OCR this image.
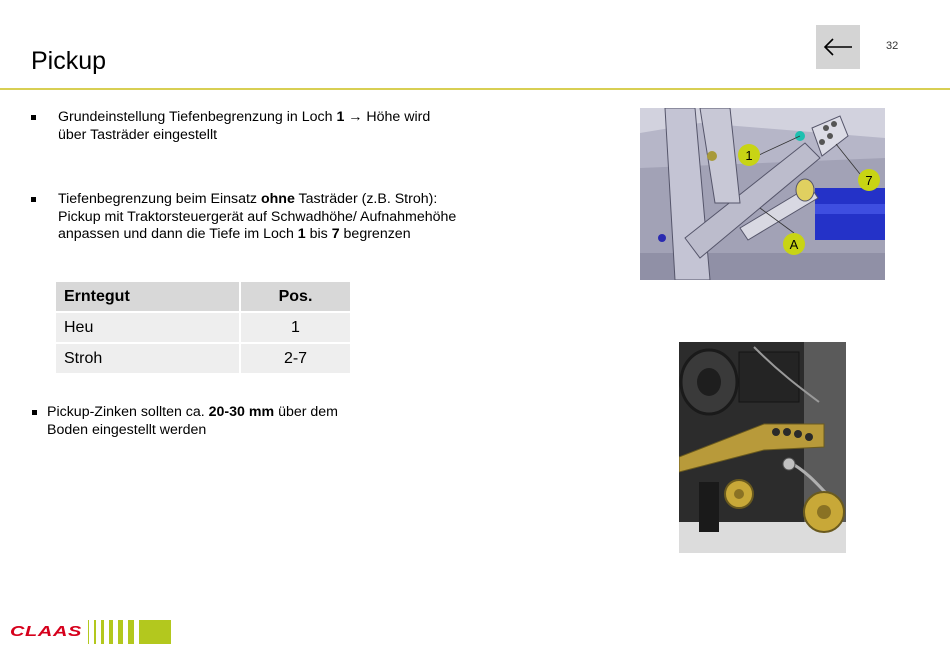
Pickup
32
Grundeinstellung Tiefenbegrenzung in Loch 1 → Höhe wird über Tasträder eingestellt
Tiefenbegrenzung beim Einsatz ohne Tasträder (z.B. Stroh): Pickup mit Traktorsteuergerät auf Schwadhöhe/ Aufnahmehöhe anpassen und dann die Tiefe im Loch 1 bis 7 begrenzen
Erntegut	Pos.
Heu	1
Stroh	2-7
Pickup-Zinken sollten ca. 20-30 mm über dem Boden eingestellt werden
1
7
A
CLAAS
